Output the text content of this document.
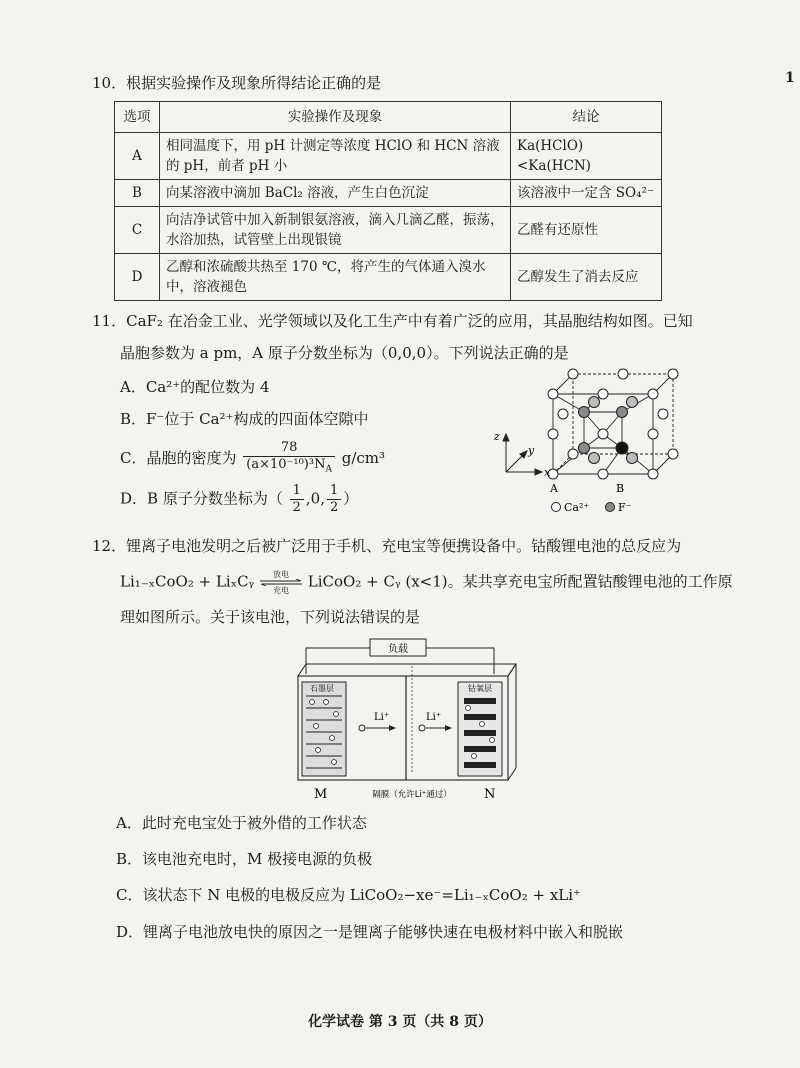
1
10．根据实验操作及现象所得结论正确的是
选项	实验操作及现象	结论
A	相同温度下，用 pH 计测定等浓度 HClO 和 HCN 溶液的 pH，前者 pH 小	Ka(HClO)<Ka(HCN)
B	向某溶液中滴加 BaCl₂ 溶液，产生白色沉淀	该溶液中一定含 SO₄²⁻
C	向洁净试管中加入新制银氨溶液，滴入几滴乙醛，振荡，水浴加热，试管壁上出现银镜	乙醛有还原性
D	乙醇和浓硫酸共热至 170 ℃，将产生的气体通入溴水中，溶液褪色	乙醇发生了消去反应
11．CaF₂ 在冶金工业、光学领域以及化工生产中有着广泛的应用，其晶胞结构如图。已知
晶胞参数为 a pm，A 原子分数坐标为（0,0,0）。下列说法正确的是
A．Ca²⁺的配位数为 4
B．F⁻位于 Ca²⁺构成的四面体空隙中
C．晶胞的密度为 $\frac{78}{(a\times 10^{-10})^3N_A} g/cm^3$
D．B 原子分数坐标为（ $\frac{1}{2} ,0$, $\frac{1}{2}$ ）
z
y
x
A	B
Ca²⁺	F⁻
12．锂离子电池发明之后被广泛用于手机、充电宝等便携设备中。钴酸锂电池的总反应为
Li₁₋ₓCoO₂ + LiₓCᵧ	放电
充电	LiCoO₂ + Cᵧ (x<1)。某共享充电宝所配置钴酸锂电池的工作原
理如图所示。关于该电池，下列说法错误的是
负载
石墨层	钴氧层
Li⁺	Li⁺
M	N
隔膜（允许Li⁺通过）
A．此时充电宝处于被外借的工作状态
B．该电池充电时，M 极接电源的负极
C．该状态下 N 电极的电极反应为 LiCoO₂−xe⁻=Li₁₋ₓCoO₂ + xLi⁺
D．锂离子电池放电快的原因之一是锂离子能够快速在电极材料中嵌入和脱嵌
化学试卷 第 3 页（共 8 页）
